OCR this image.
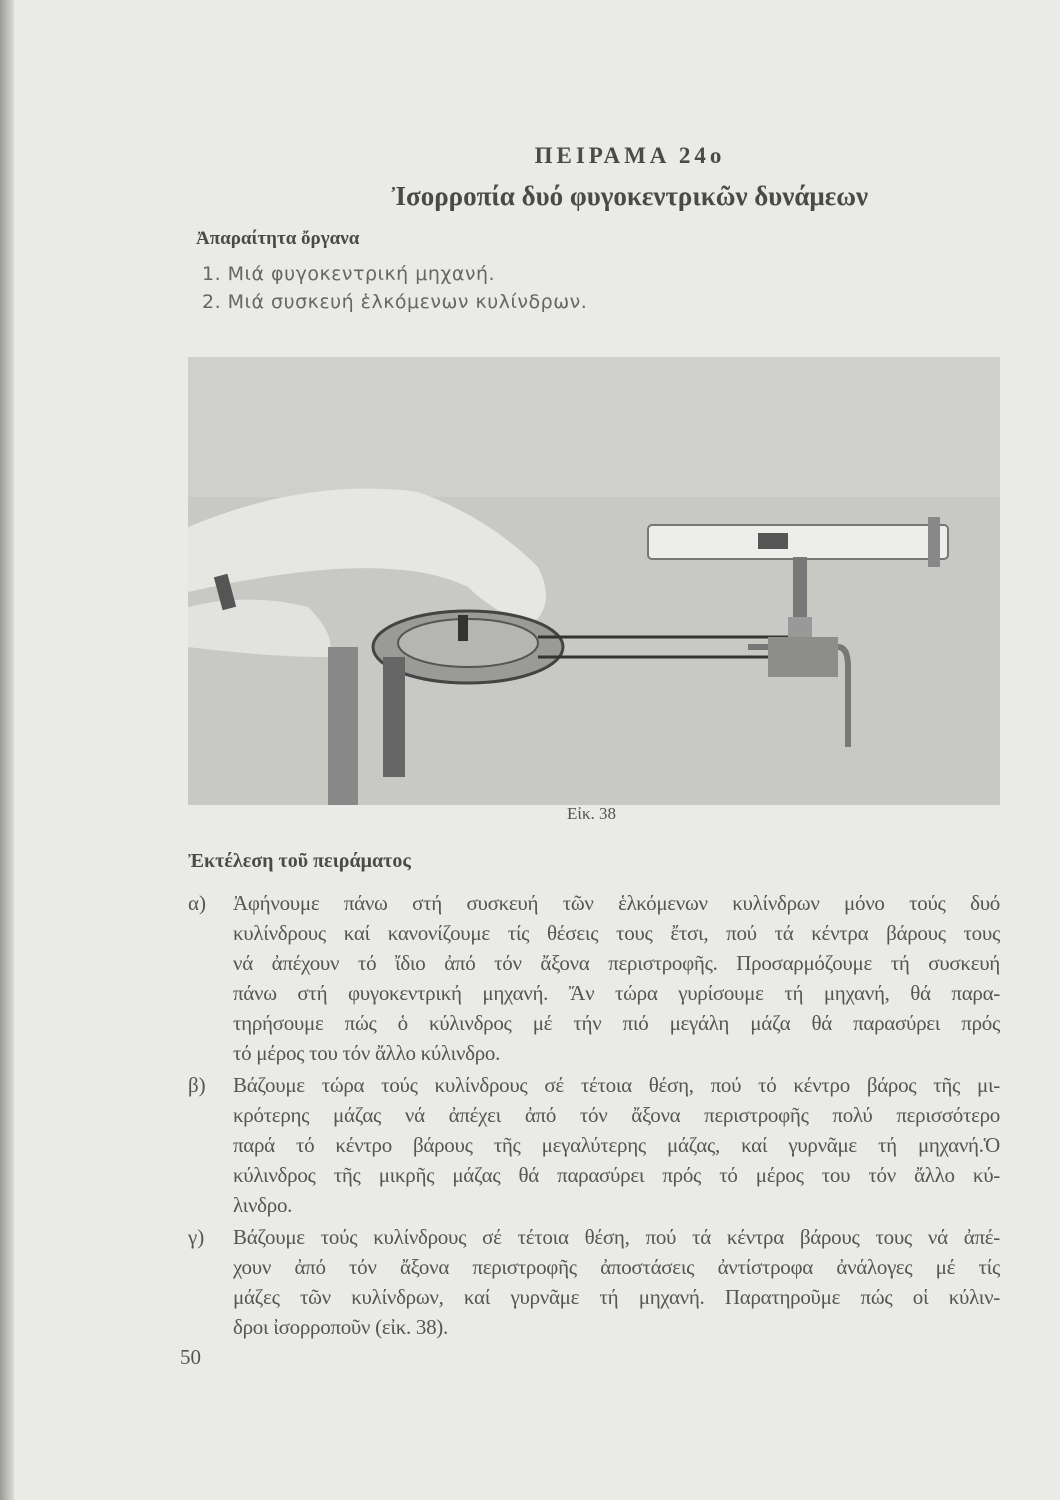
ΠΕΙΡΑΜΑ 24ο
Ἰσορροπία δυό φυγοκεντρικῶν δυνάμεων
Ἀπαραίτητα ὄργανα
1. Μιά φυγοκεντρική μηχανή.
2. Μιά συσκευή ἑλκόμενων κυλίνδρων.
Εἰκ. 38
Ἐκτέλεση τοῦ πειράματος
α) Ἀφήνουμε πάνω στή συσκευή τῶν ἑλκόμενων κυλίνδρων μόνο τούς δυό
κυλίνδρους καί κανονίζουμε τίς θέσεις τους ἔτσι, πού τά κέντρα βάρους τους
νά ἀπέχουν τό ἴδιο ἀπό τόν ἄξονα περιστροφῆς. Προσαρμόζουμε τή συσκευή
πάνω στή φυγοκεντρική μηχανή. Ἄν τώρα γυρίσουμε τή μηχανή, θά παρα-
τηρήσουμε πώς ὁ κύλινδρος μέ τήν πιό μεγάλη μάζα θά παρασύρει πρός
τό μέρος του τόν ἄλλο κύλινδρο.
β) Βάζουμε τώρα τούς κυλίνδρους σέ τέτοια θέση, πού τό κέντρο βάρος τῆς μι-
κρότερης μάζας νά ἀπέχει ἀπό τόν ἄξονα περιστροφῆς πολύ περισσότερο
παρά τό κέντρο βάρους τῆς μεγαλύτερης μάζας, καί γυρνᾶμε τή μηχανή.Ὁ
κύλινδρος τῆς μικρῆς μάζας θά παρασύρει πρός τό μέρος του τόν ἄλλο κύ-
λινδρο.
γ) Βάζουμε τούς κυλίνδρους σέ τέτοια θέση, πού τά κέντρα βάρους τους νά ἀπέ-
χουν ἀπό τόν ἄξονα περιστροφῆς ἀποστάσεις ἀντίστροφα ἀνάλογες μέ τίς
μάζες τῶν κυλίνδρων, καί γυρνᾶμε τή μηχανή. Παρατηροῦμε πώς οἱ κύλιν-
δροι ἰσορροποῦν (εἰκ. 38).
50
